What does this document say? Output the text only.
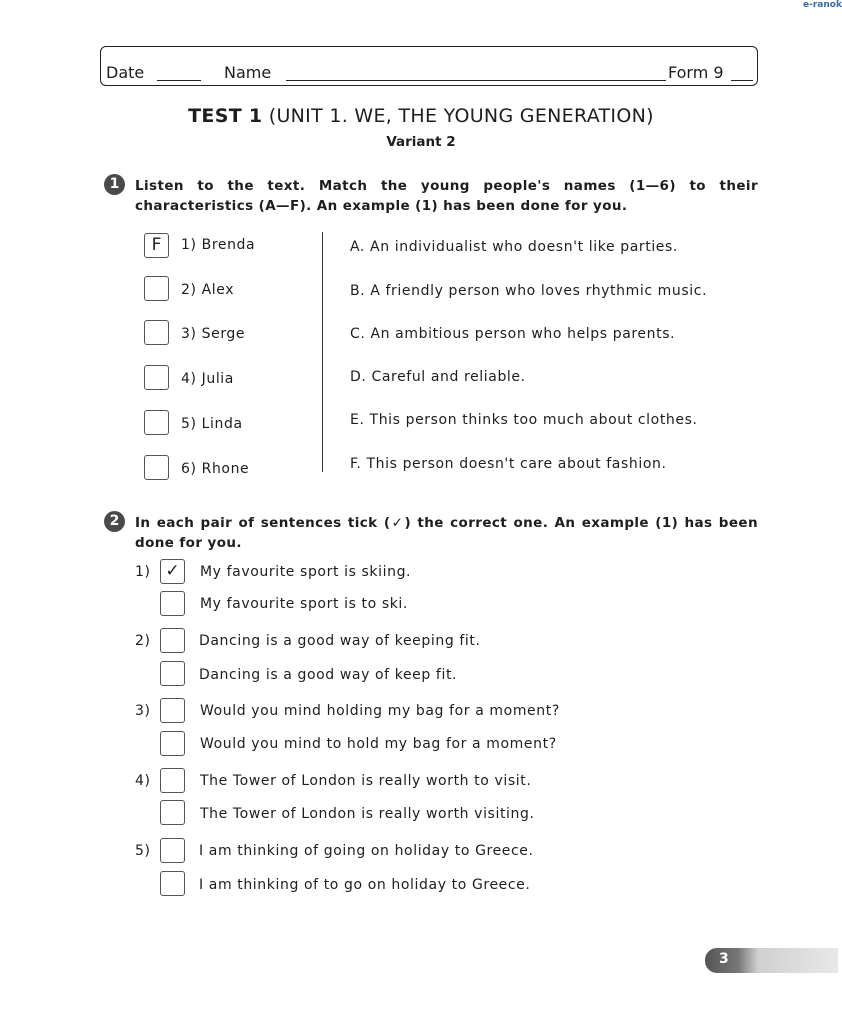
e-ranok
Date	Name	Form 9
TEST 1 (UNIT 1. WE, THE YOUNG GENERATION)
Variant 2
1	Listen to the text. Match the young people's names (1—6) to their
characteristics (A—F). An example (1) has been done for you.
F	1) Brenda
2) Alex
3) Serge
4) Julia
5) Linda
6) Rhone
A. An individualist who doesn't like parties.
B. A friendly person who loves rhythmic music.
C. An ambitious person who helps parents.
D. Careful and reliable.
E. This person thinks too much about clothes.
F. This person doesn't care about fashion.
2	In each pair of sentences tick (✓) the correct one. An example (1) has been
done for you.
1) ✓	My favourite sport is skiing.
My favourite sport is to ski.
2)	Dancing is a good way of keeping fit.
Dancing is a good way of keep fit.
3)	Would you mind holding my bag for a moment?
Would you mind to hold my bag for a moment?
4)	The Tower of London is really worth to visit.
The Tower of London is really worth visiting.
5)	I am thinking of going on holiday to Greece.
I am thinking of to go on holiday to Greece.
3
